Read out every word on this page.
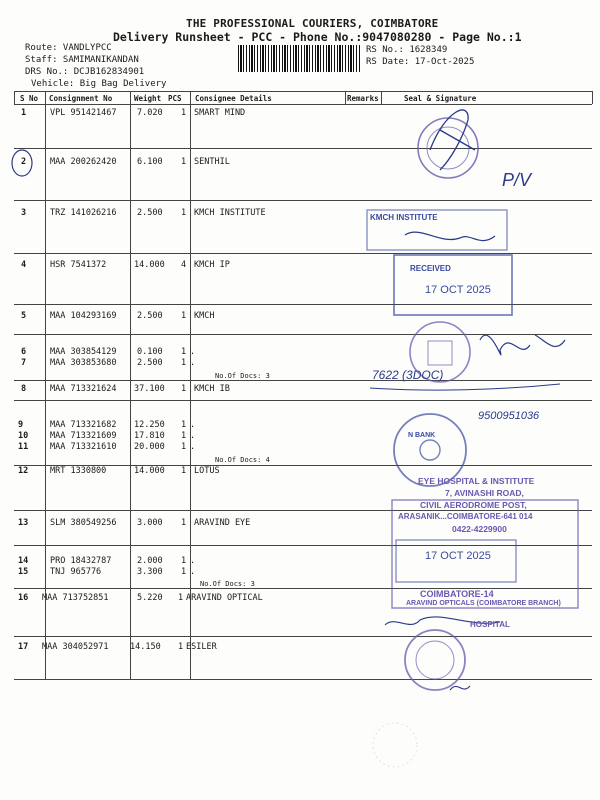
THE PROFESSIONAL COURIERS, COIMBATORE
Delivery Runsheet - PCC - Phone No.:9047080280 - Page No.:1
Route: VANDLYPCC
Staff: SAMIMANIKANDAN
DRS No.: DCJB162834901
Vehicle: Big Bag Delivery
RS No.: 1628349
RS Date: 17-Oct-2025
S No Consignment No	Weight PCS Consignee Details	Remarks	Seal & Signature
1	VPL 951421467 7.020 1 SMART MIND
2	MAA 200262420 6.100 1 SENTHIL
3	TRZ 141026216 2.500 1 KMCH INSTITUTE
4	HSR 7541372	14.000 4 KMCH IP
5	MAA 104293169 2.500 1 KMCH
6	MAA 303854129 0.100 1 .
7	MAA 303853680 2.500 1 .
No.Of Docs: 3
8	MAA 713321624 37.100 1 KMCH IB
9	MAA 713321682 12.250 1 .
10	MAA 713321609 17.810 1 .
11	MAA 713321610 20.000 1 .
No.Of Docs: 4
12	MRT 1330800	14.000 1 LOTUS
13	SLM 380549256 3.000 1 ARAVIND EYE
14	PRO 18432787	2.000 1 .
15	TNJ 965776	3.300 1 .
No.Of Docs: 3
16 MAA 713752851	5.220 1 ARAVIND OPTICAL
17 MAA 304052971	14.150 1 ESILER
P/V
KMCH INSTITUTE
RECEIVED
17 OCT 2025
7622 (3DOC)
9500951036
N BANK
EYE HOSPITAL & INSTITUTE
7, AVINASHI ROAD,
CIVIL AERODROME POST,
ARASANIK...COIMBATORE-641 014
0422-4229900
17 OCT 2025
COIMBATORE-14
ARAVIND OPTICALS (COIMBATORE BRANCH)
HOSPITAL
